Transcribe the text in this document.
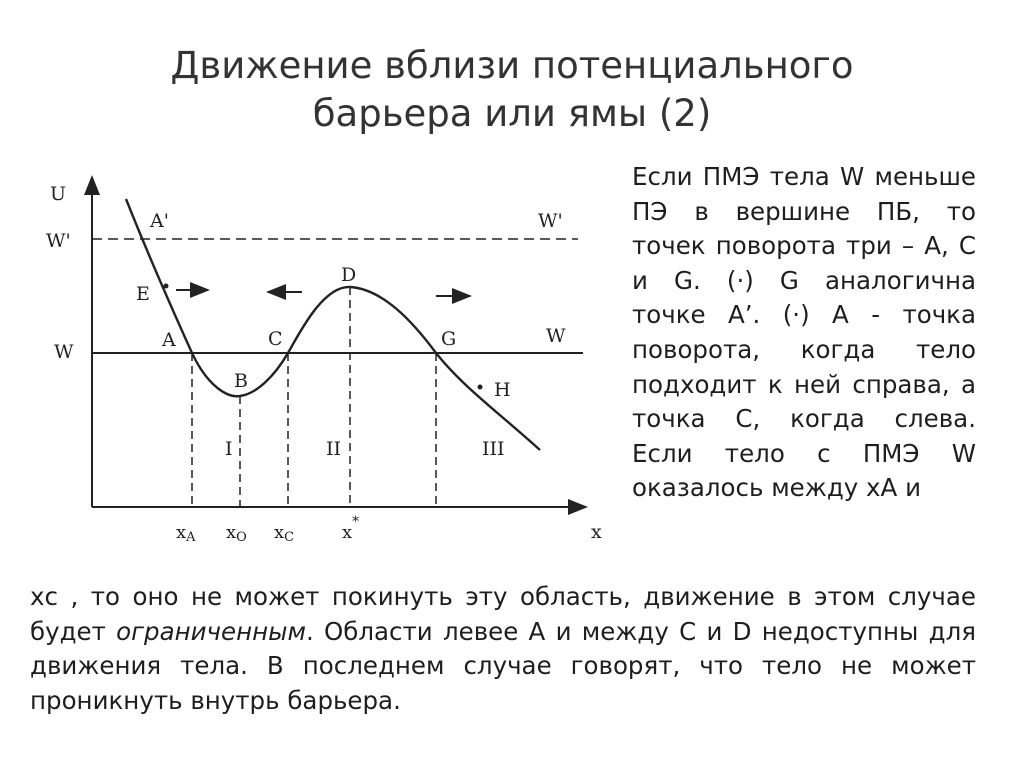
Движение вблизи потенциального
барьера или ямы (2)
U
x
W'
W'
W
W
A'
E
A
B
C
D
G
H
I	II	III
xA xO xC	x*
Если ПМЭ тела W меньше ПЭ в вершине ПБ, то точек поворота три – А, С и G. (·) G аналогична точке А’. (·) А - точка поворота, когда тело подходит к ней справа, а точка С, когда слева. Если тело с ПМЭ W оказалось между xА и
xс , то оно не может покинуть эту область, движение в этом случае будет ограниченным. Области левее А и между С и D недоступны для движения тела. В последнем случае говорят, что тело не может проникнуть внутрь барьера.
